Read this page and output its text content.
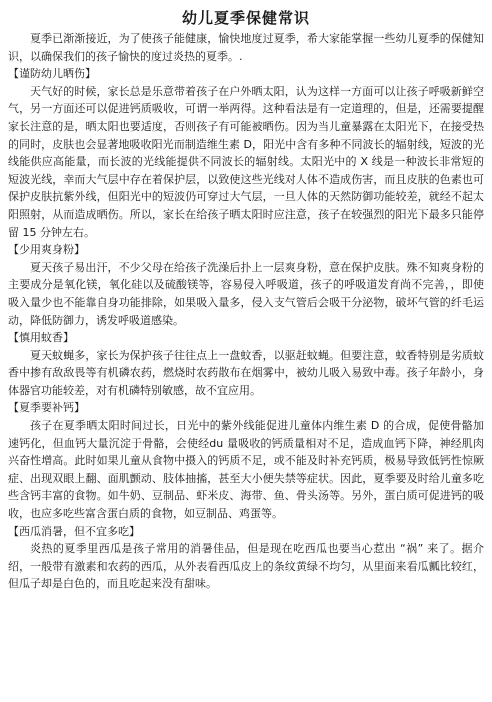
幼儿夏季保健常识

夏季已渐渐接近，为了使孩子能健康，愉快地度过夏季，希大家能掌握一些幼儿夏季的保健知识，以确保我们的孩子愉快的度过炎热的夏季。.

【谨防幼儿晒伤】

天气好的时候，家长总是乐意带着孩子在户外晒太阳，认为这样一方面可以让孩子呼吸新鲜空气，另一方面还可以促进钙质吸收，可谓一举两得。这种看法是有一定道理的，但是，还需要提醒家长注意的是，晒太阳也要适度，否则孩子有可能被晒伤。因为当儿童暴露在太阳光下，在接受热的同时，皮肤也会显著地吸收阳光而制造维生素 D，阳光中含有多种不同波长的辐射线，短波的光线能供应高能量，而长波的光线能提供不同波长的辐射线。太阳光中的 X 线是一种波长非常短的短波光线，幸而大气层中存在着保护层，以致使这些光线对人体不造成伤害，而且皮肤的色素也可保护皮肤抗紫外线，但阳光中的短波仍可穿过大气层，一旦人体的天然防御功能较差，就经不起太阳照射，从而造成晒伤。所以，家长在给孩子晒太阳时应注意，孩子在较强烈的阳光下最多只能停留 15 分钟左右。

【少用爽身粉】

夏天孩子易出汗，不少父母在给孩子洗澡后扑上一层爽身粉，意在保护皮肤。殊不知爽身粉的主要成分是氧化镁，氧化硅以及硫酸镁等，容易侵入呼吸道，孩子的呼吸道发育尚不完善，，即使吸入量少也不能靠自身功能排除，如果吸入量多，侵入支气管后会吸干分泌物，破坏气管的纤毛运动，降低防御力，诱发呼吸道感染。

【慎用蚊香】

夏天蚊蝇多，家长为保护孩子往往点上一盘蚊香，以驱赶蚊蝇。但要注意，蚊香特别是劣质蚊香中掺有敌敌畏等有机磷农药，燃烧时农药散布在烟雾中，被幼儿吸入易致中毒。孩子年龄小，身体器官功能较差，对有机磷特别敏感，故不宜应用。

【夏季要补钙】

孩子在夏季晒太阳时间过长，日光中的紫外线能促进儿童体内维生素 D 的合成，促使骨骼加速钙化，但血钙大量沉淀于骨骼，会使经du 量吸收的钙质量相对不足，造成血钙下降，神经肌肉兴奋性增高。此时如果儿童从食物中摄入的钙质不足，或不能及时补充钙质，极易导致低钙性惊厥症、出现双眼上翻、面肌颤动、肢体抽搐，甚至大小便失禁等症状。因此，夏季要及时给儿童多吃些含钙丰富的食物。如牛奶、豆制品、虾米皮、海带、鱼、骨头汤等。另外，蛋白质可促进钙的吸收，也应多吃些富含蛋白质的食物，如豆制品、鸡蛋等。

【西瓜消暑，但不宜多吃】

炎热的夏季里西瓜是孩子常用的消暑佳品，但是现在吃西瓜也要当心惹出 “祸” 来了。据介绍，一般带有激素和农药的西瓜，从外表看西瓜皮上的条纹黄绿不均匀，从里面来看瓜瓤比较红，但瓜子却是白色的，而且吃起来没有甜味。
